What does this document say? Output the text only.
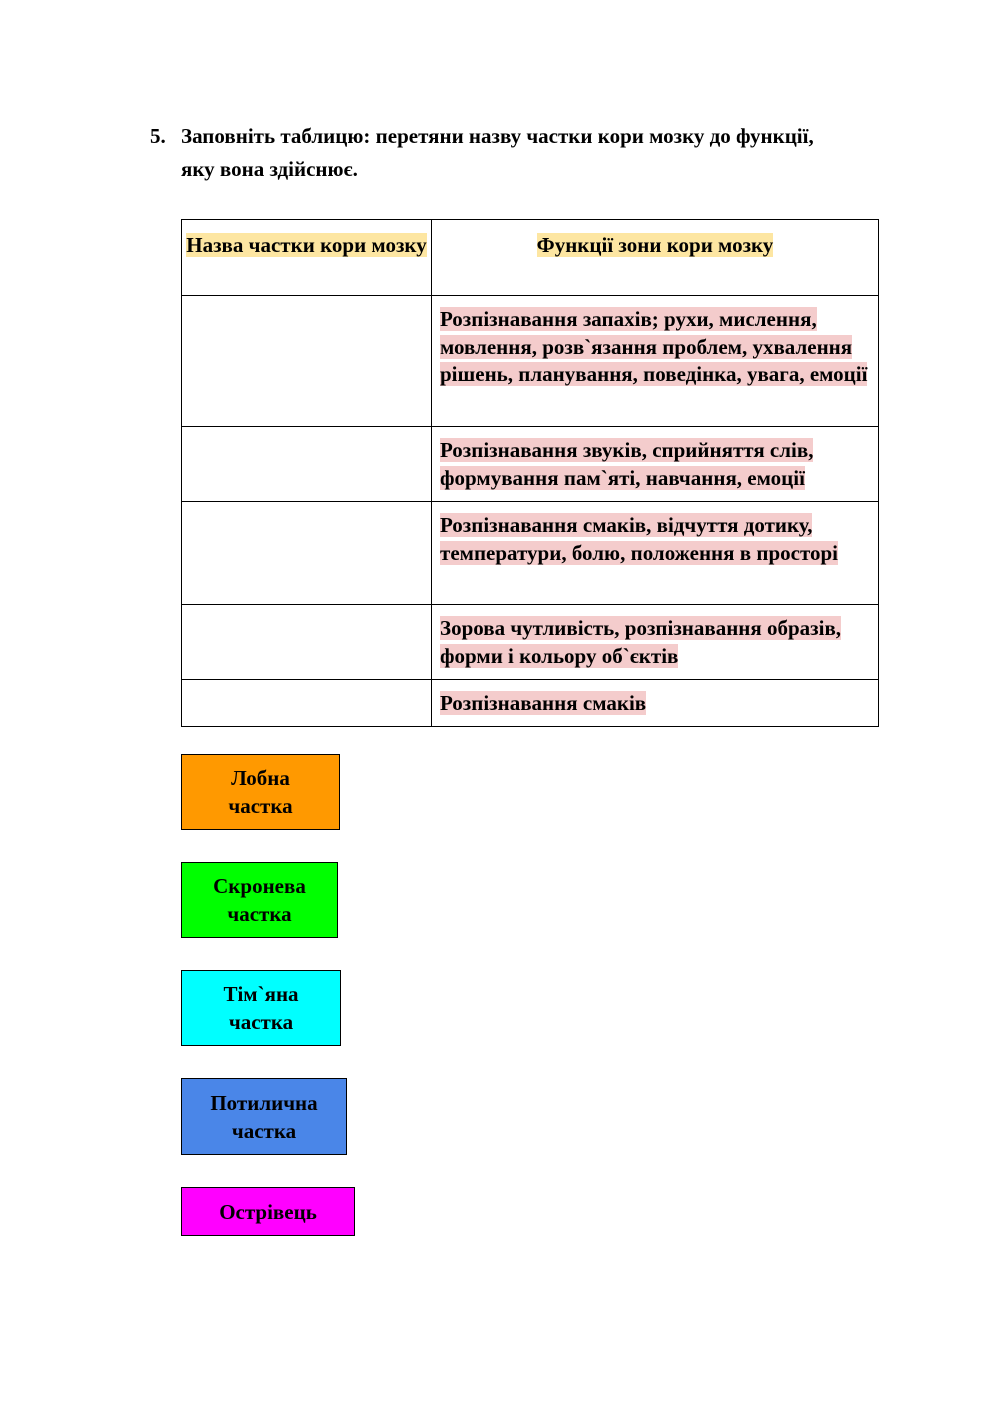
5. Заповніть таблицю: перетяни назву частки кори мозку до функції, яку вона здійснює.
Назва частки кори мозку	Функції зони кори мозку

	Розпізнавання запахів; рухи, мислення, мовлення, розв`язання проблем, ухвалення рішень, планування, поведінка, увага, емоції

	Розпізнавання звуків, сприйняття слів, формування пам`яті, навчання, емоції

	Розпізнавання смаків, відчуття дотику, температури, болю, положення в просторі

	Зорова чутливість, розпізнавання образів, форми і кольору об`єктів

	Розпізнавання смаків
Лобна частка
Скронева частка
Тім`яна частка
Потилична частка
Острівець
